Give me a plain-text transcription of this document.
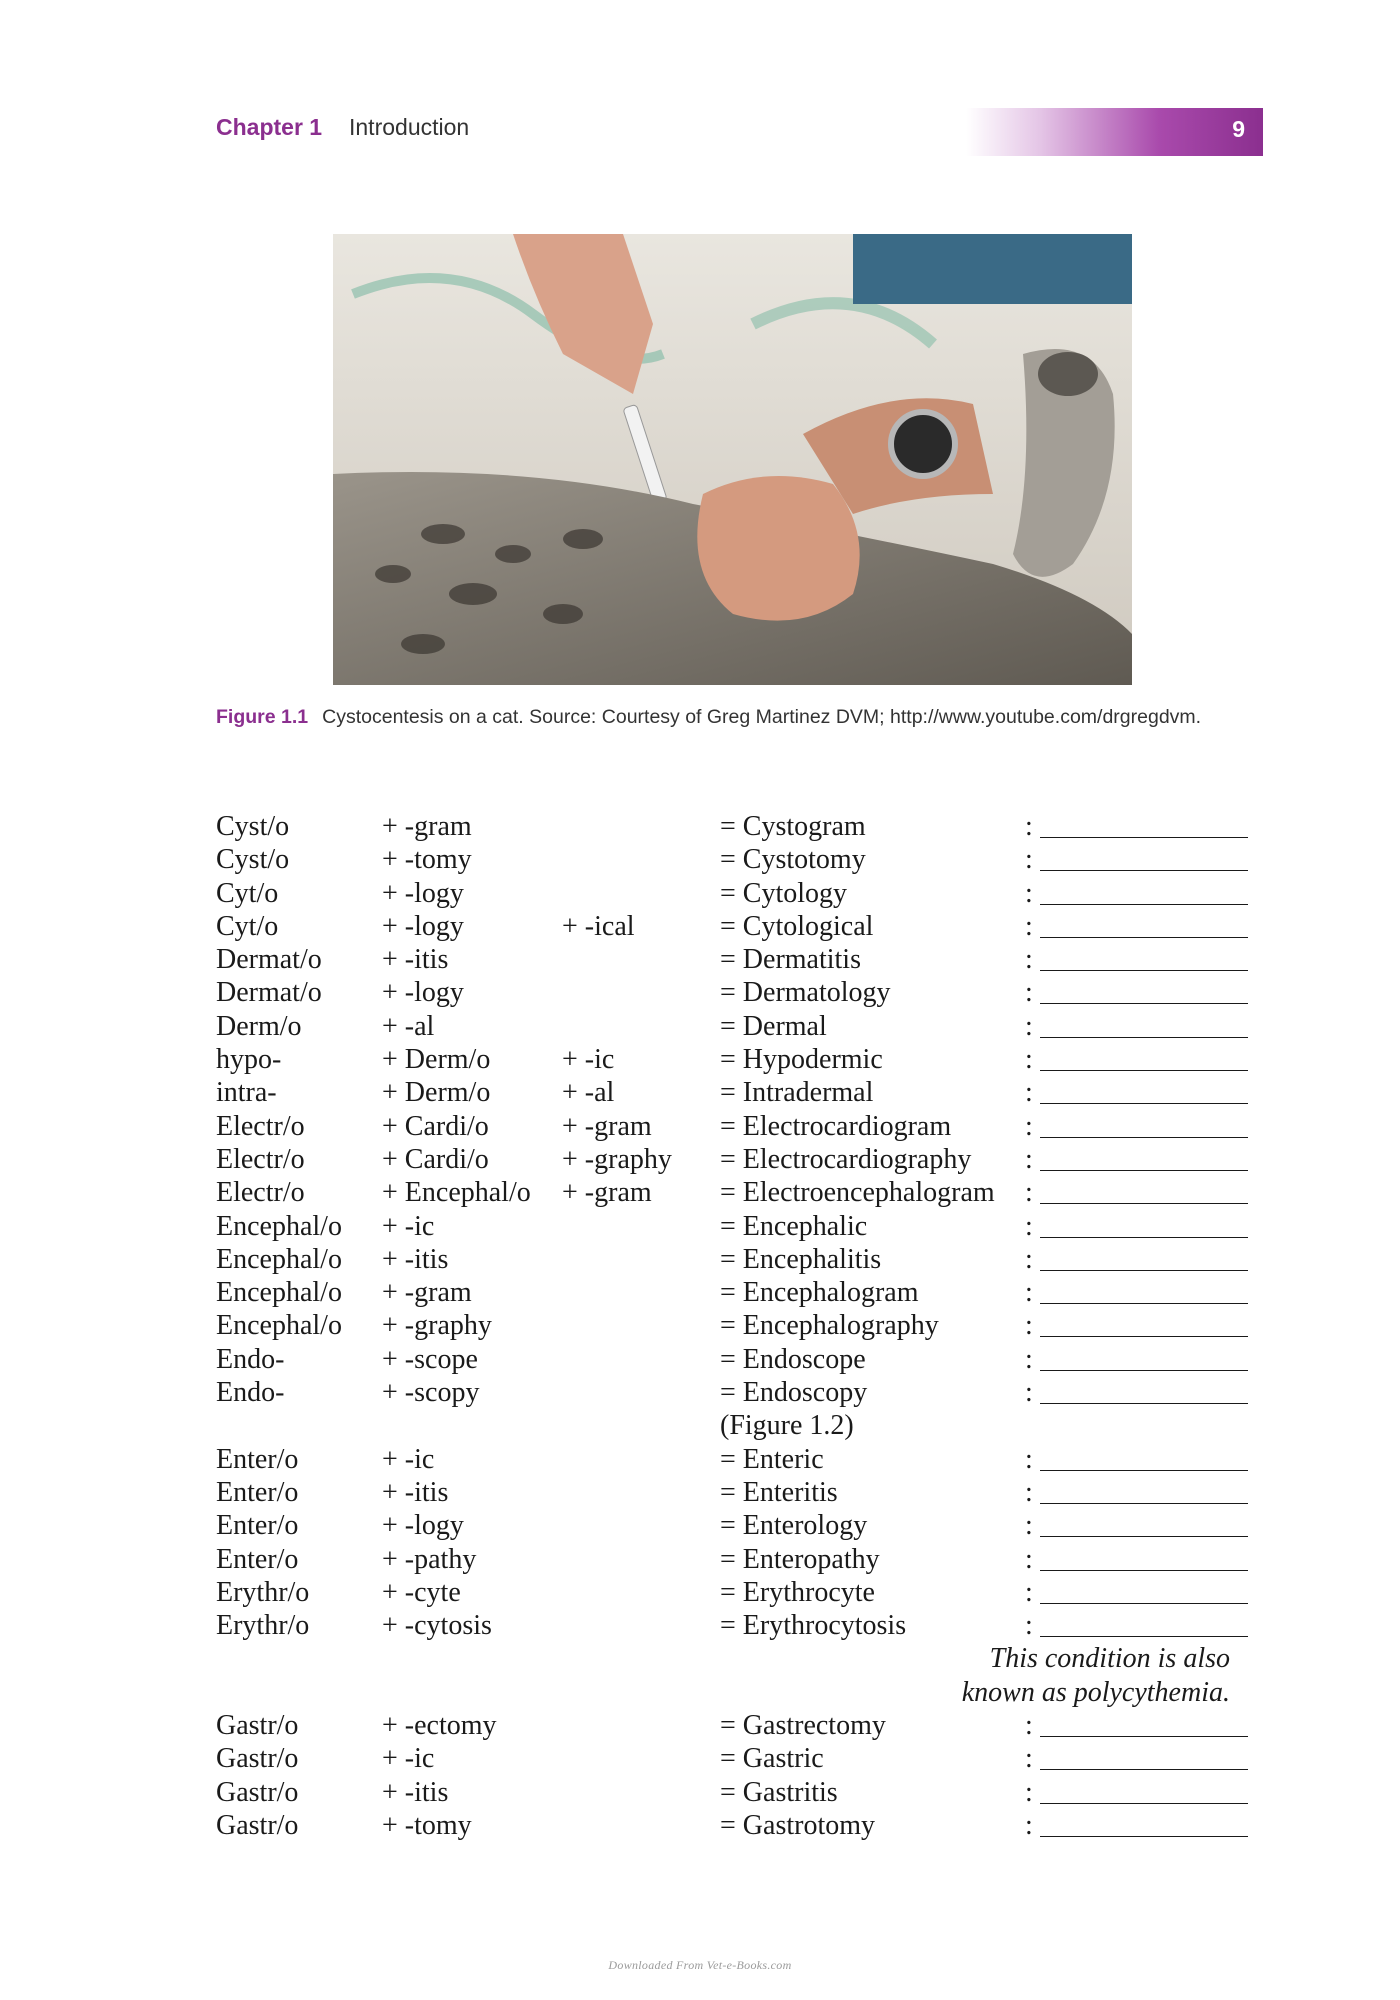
Chapter 1 Introduction	9
Figure 1.1 Cystocentesis on a cat. Source: Courtesy of Greg Martinez DVM; http://www.youtube.com/drgregdvm.
Cyst/o	+ -gram	= Cystogram	:
Cyst/o	+ -tomy	= Cystotomy	:
Cyt/o	+ -logy	= Cytology	:
Cyt/o	+ -logy	+ -ical	= Cytological	:
Dermat/o + -itis	= Dermatitis	:
Dermat/o + -logy	= Dermatology	:
Derm/o	+ -al	= Dermal	:
hypo-	+ Derm/o	+ -ic	= Hypodermic	:
intra-	+ Derm/o	+ -al	= Intradermal	:
Electr/o	+ Cardi/o	+ -gram = Electrocardiogram	:
Electr/o	+ Cardi/o	+ -graphy = Electrocardiography :
Electr/o	+ Encephal/o + -gram = Electroencephalogram :
Encephal/o + -ic	= Encephalic	:
Encephal/o + -itis	= Encephalitis	:
Encephal/o + -gram	= Encephalogram	:
Encephal/o + -graphy	= Encephalography	:
Endo-	+ -scope	= Endoscope	:
Endo-	+ -scopy	= Endoscopy	:
(Figure 1.2)
Enter/o	+ -ic	= Enteric	:
Enter/o	+ -itis	= Enteritis	:
Enter/o	+ -logy	= Enterology	:
Enter/o	+ -pathy	= Enteropathy	:
Erythr/o	+ -cyte	= Erythrocyte	:
Erythr/o	+ -cytosis	= Erythrocytosis	:
This condition is also
known as polycythemia.
Gastr/o	+ -ectomy	= Gastrectomy	:
Gastr/o	+ -ic	= Gastric	:
Gastr/o	+ -itis	= Gastritis	:
Gastr/o	+ -tomy	= Gastrotomy	:
Downloaded From Vet-e-Books.com
